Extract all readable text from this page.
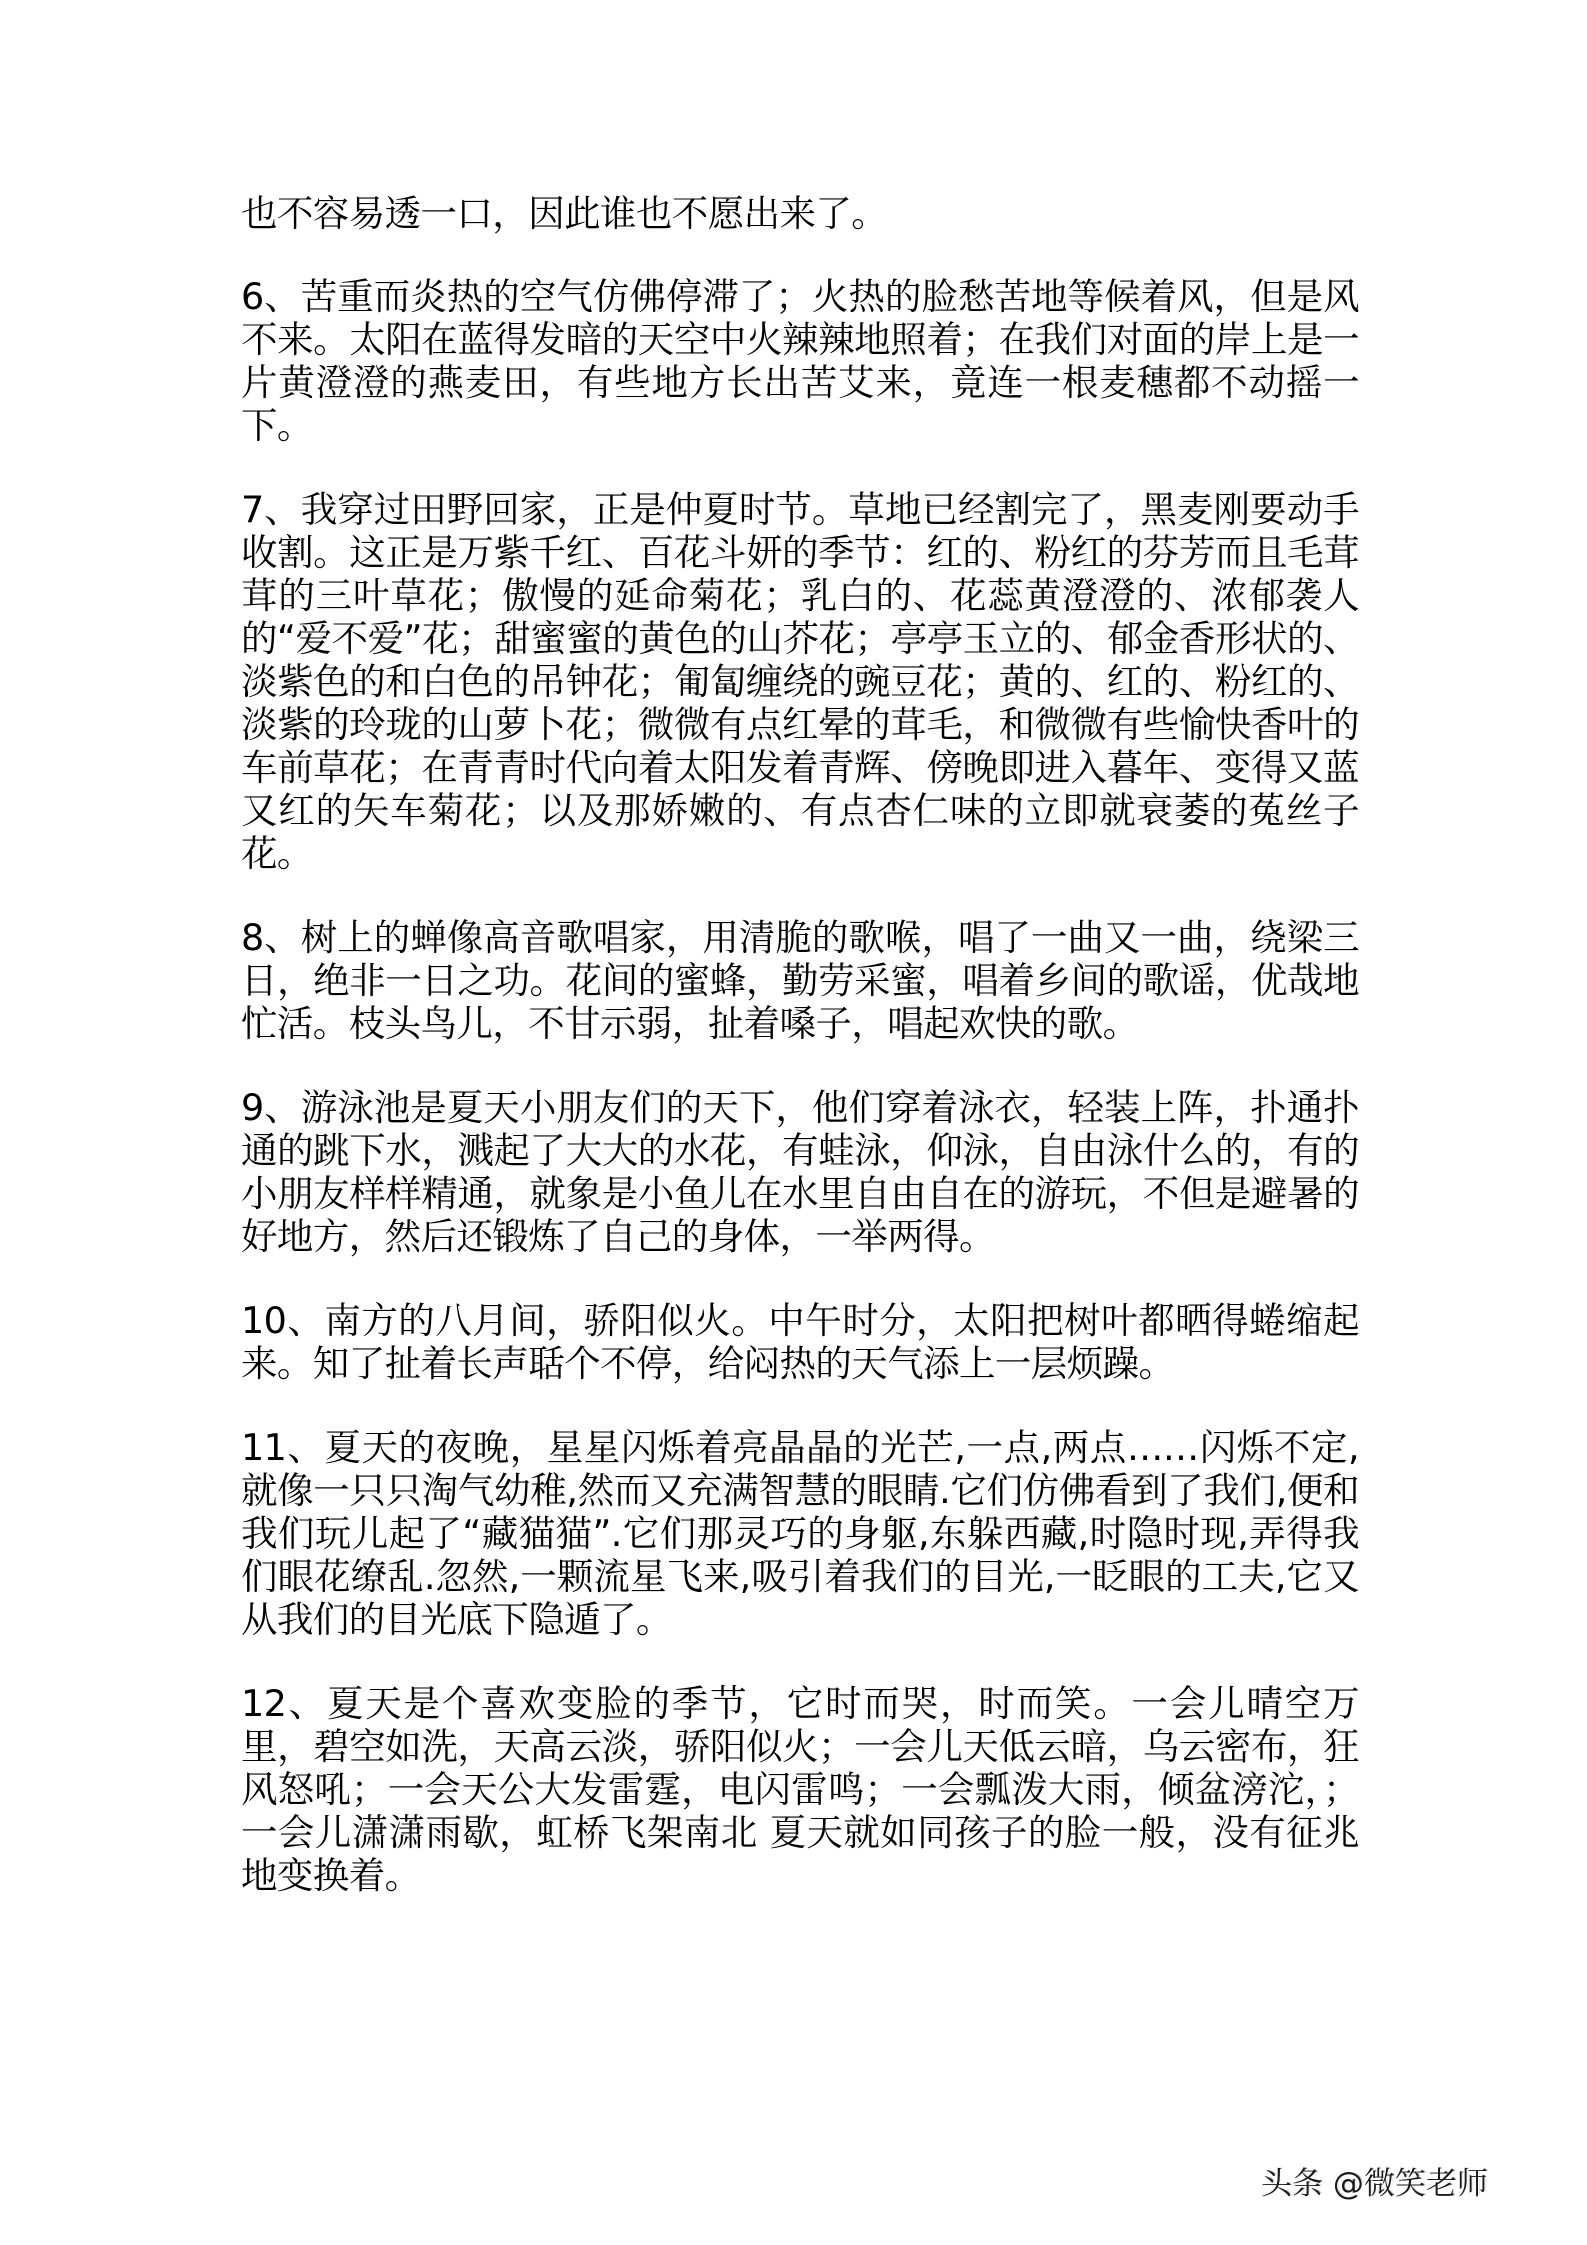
也不容易透一口，因此谁也不愿出来了。

6、苦重而炎热的空气仿佛停滞了；火热的脸愁苦地等候着风，但是风不来。太阳在蓝得发暗的天空中火辣辣地照着；在我们对面的岸上是一片黄澄澄的燕麦田，有些地方长出苦艾来，竟连一根麦穗都不动摇一下。

7、我穿过田野回家，正是仲夏时节。草地已经割完了，黑麦刚要动手收割。这正是万紫千红、百花斗妍的季节：红的、粉红的芬芳而且毛茸茸的三叶草花；傲慢的延命菊花；乳白的、花蕊黄澄澄的、浓郁袭人的“爱不爱”花；甜蜜蜜的黄色的山芥花；亭亭玉立的、郁金香形状的、淡紫色的和白色的吊钟花；匍匐缠绕的豌豆花；黄的、红的、粉红的、淡紫的玲珑的山萝卜花；微微有点红晕的茸毛，和微微有些愉快香叶的车前草花；在青青时代向着太阳发着青辉、傍晚即进入暮年、变得又蓝又红的矢车菊花；以及那娇嫩的、有点杏仁味的立即就衰萎的菟丝子花。

8、树上的蝉像高音歌唱家，用清脆的歌喉，唱了一曲又一曲，绕梁三日，绝非一日之功。花间的蜜蜂，勤劳采蜜，唱着乡间的歌谣，优哉地忙活。枝头鸟儿，不甘示弱，扯着嗓子，唱起欢快的歌。

9、游泳池是夏天小朋友们的天下，他们穿着泳衣，轻装上阵，扑通扑通的跳下水，溅起了大大的水花，有蛙泳，仰泳，自由泳什么的，有的小朋友样样精通，就象是小鱼儿在水里自由自在的游玩，不但是避暑的好地方，然后还锻炼了自己的身体，一举两得。

10、南方的八月间，骄阳似火。中午时分，太阳把树叶都晒得蜷缩起来。知了扯着长声聒个不停，给闷热的天气添上一层烦躁。

11、夏天的夜晚，星星闪烁着亮晶晶的光芒,一点,两点……闪烁不定,就像一只只淘气幼稚,然而又充满智慧的眼睛.它们仿佛看到了我们,便和我们玩儿起了“藏猫猫”.它们那灵巧的身躯,东躲西藏,时隐时现,弄得我们眼花缭乱.忽然,一颗流星飞来,吸引着我们的目光,一眨眼的工夫,它又从我们的目光底下隐遁了。

12、夏天是个喜欢变脸的季节，它时而哭，时而笑。一会儿晴空万里，碧空如洗，天高云淡，骄阳似火；一会儿天低云暗，乌云密布，狂风怒吼；一会天公大发雷霆，电闪雷鸣；一会瓢泼大雨，倾盆滂沱，；一会儿潇潇雨歇，虹桥飞架南北 夏天就如同孩子的脸一般，没有征兆地变换着。

头条 @微笑老师
